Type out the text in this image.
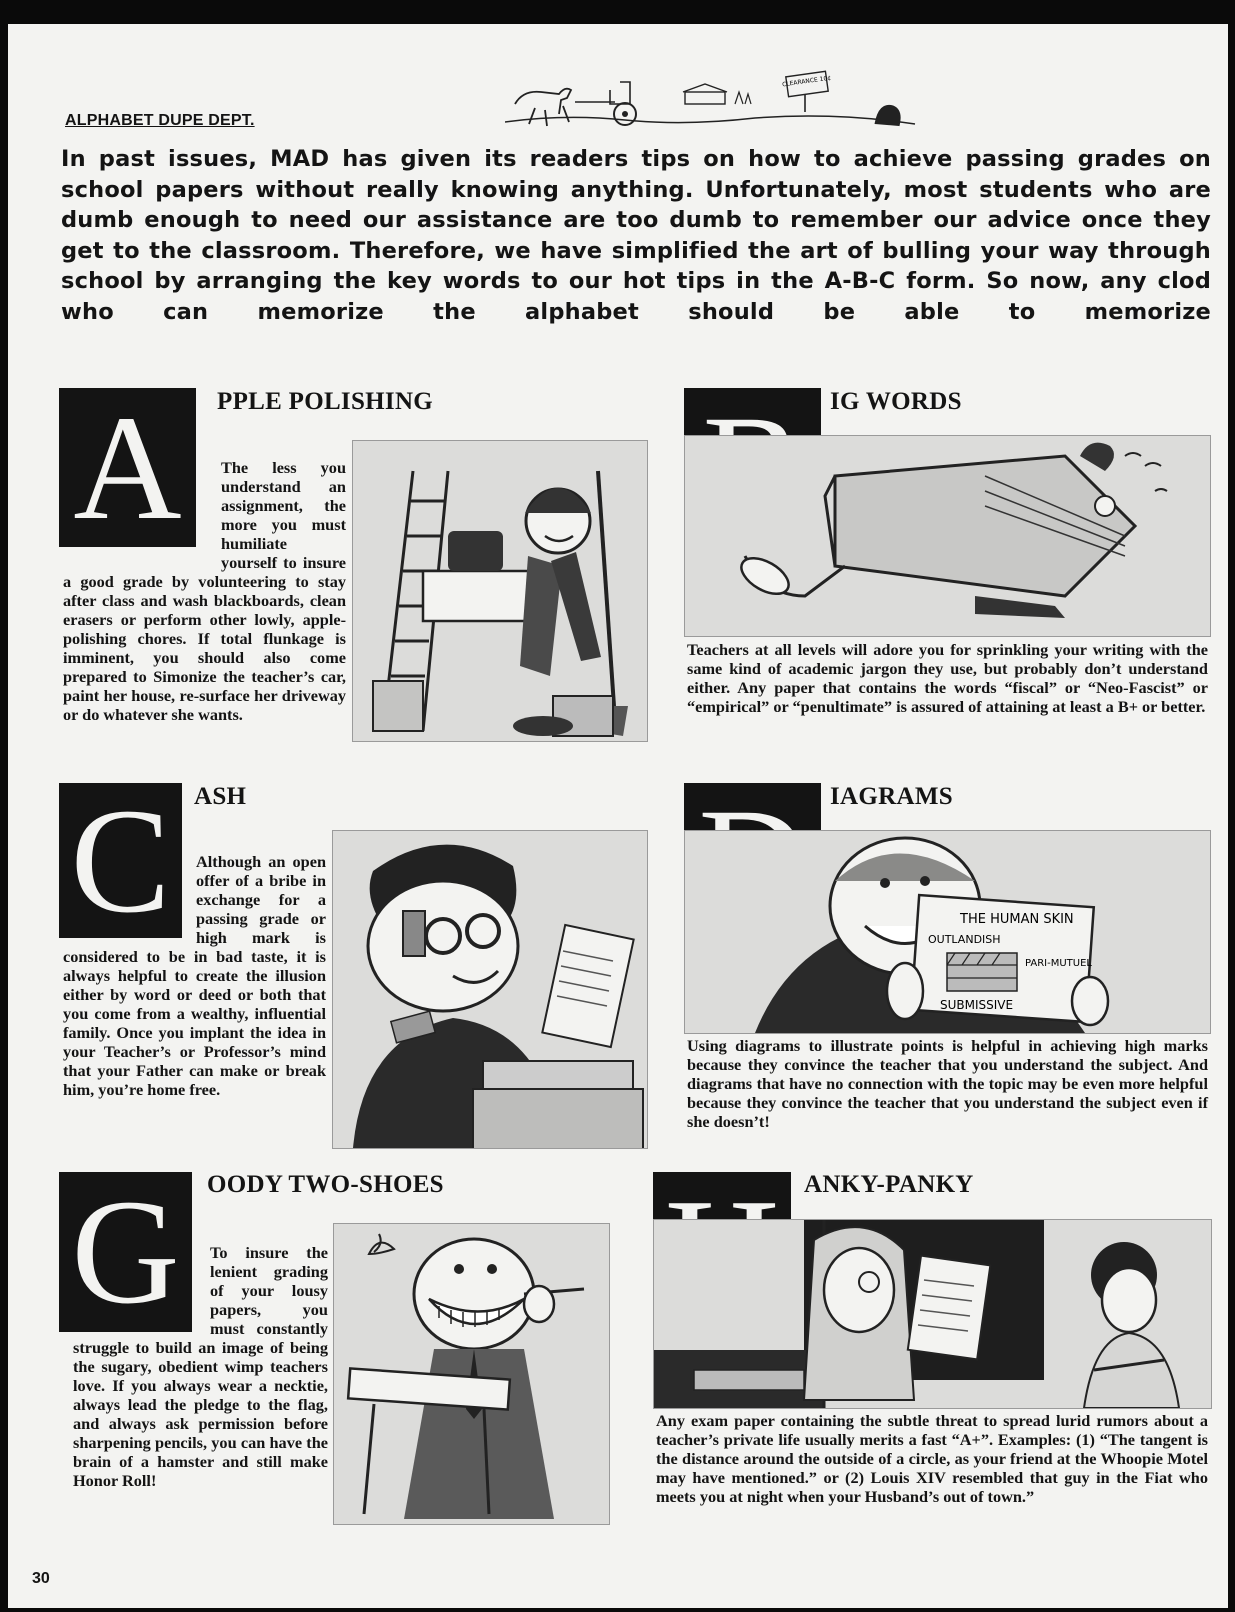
CLEARANCE 10¢

ALPHABET DUPE DEPT.

In past issues, MAD has given its readers tips on how to achieve passing grades on school papers without really knowing anything. Unfortunately, most students who are dumb enough to need our assistance are too dumb to remember our advice once they get to the classroom. Therefore, we have simplified the art of bulling your way through school by arranging the key words to our hot tips in the A-B-C form. So now, any clod who can memorize the alphabet should be able to memorize

A	PPLE POLISHING

The less you understand an assignment, the more you must humiliate yourself to insure a good grade by volunteering to stay after class and wash blackboards, clean erasers or perform other lowly, apple-polishing chores. If total flunkage is imminent, you should also come prepared to Simonize the teacher’s car, paint her house, re-surface her driveway or do whatever she wants.

IG WORDS

Teachers at all levels will adore you for sprinkling your writing with the same kind of academic jargon they use, but probably don’t understand either. Any paper that contains the words “fiscal” or “Neo-Fascist” or “empirical” or “penultimate” is assured of attaining at least a B+ or better.

C ASH

Although an open offer of a bribe in exchange for a passing grade or high mark is considered to be in bad taste, it is always helpful to create the illusion either by word or deed or both that you come from a wealthy, influential family. Once you implant the idea in your Teacher’s or Professor’s mind that your Father can make or break him, you’re home free.

IAGRAMS
THE HUMAN SKIN
OUTLANDISH
PARI-MUTUEL
SUBMISSIVE

Using diagrams to illustrate points is helpful in achieving high marks because they convince the teacher that you understand the subject. And diagrams that have no connection with the topic may be even more helpful because they convince the teacher that you understand the subject even if she doesn’t!

G	OODY TWO-SHOES

To insure the lenient grading of your lousy papers, you must constantly struggle to build an image of being the sugary, obedient wimp teachers love. If you always wear a necktie, always lead the pledge to the flag, and always ask permission before sharpening pencils, you can have the brain of a hamster and still make Honor Roll!

ANKY-PANKY

Any exam paper containing the subtle threat to spread lurid rumors about a teacher’s private life usually merits a fast “A+”. Examples: (1) “The tangent is the distance around the outside of a circle, as your friend at the Whoopie Motel may have mentioned.” or (2) Louis XIV resembled that guy in the Fiat who meets you at night when your Husband’s out of town.”

30
